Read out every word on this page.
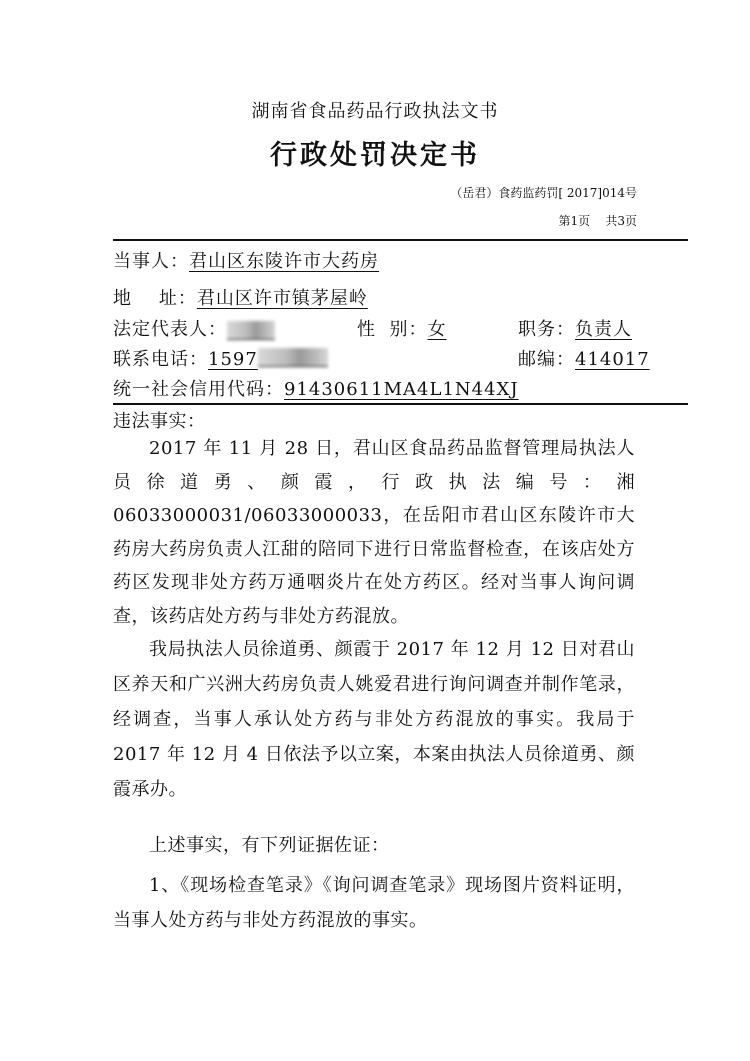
湖南省食品药品行政执法文书
行政处罚决定书
（岳君）食药监药罚[ 2017]014号
第1页    共3页
当事人：君山区东陵许市大药房
地    址：君山区许市镇茅屋岭
法定代表人：	性  别：女	职务：负责人
联系电话：1597	邮编：414017
统一社会信用代码：91430611MA4L1N44XJ
违法事实：

2017 年 11 月 28 日，君山区食品药品监督管理局执法人员徐道勇、颜霞，行政执法编号：湘 06033000031/06033000033，在岳阳市君山区东陵许市大药房大药房负责人江甜的陪同下进行日常监督检查，在该店处方药区发现非处方药万通咽炎片在处方药区。经对当事人询问调查，该药店处方药与非处方药混放。

我局执法人员徐道勇、颜霞于 2017 年 12 月 12 日对君山区养天和广兴洲大药房负责人姚爱君进行询问调查并制作笔录，经调查，当事人承认处方药与非处方药混放的事实。我局于 2017 年 12 月 4 日依法予以立案，本案由执法人员徐道勇、颜霞承办。

上述事实，有下列证据佐证：

1、《现场检查笔录》《询问调查笔录》现场图片资料证明，当事人处方药与非处方药混放的事实。
